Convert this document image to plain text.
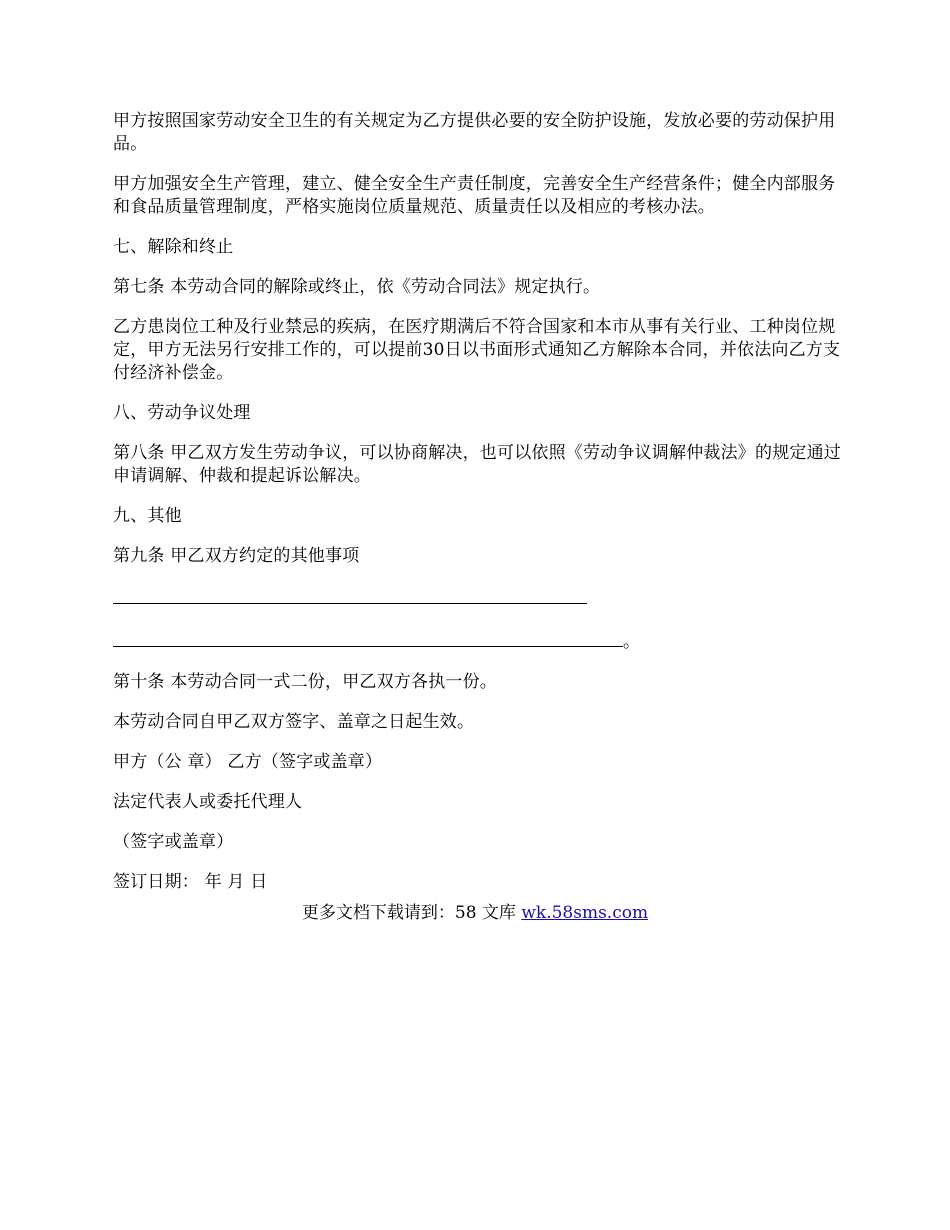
甲方按照国家劳动安全卫生的有关规定为乙方提供必要的安全防护设施，发放必要的劳动保护用品。

甲方加强安全生产管理，建立、健全安全生产责任制度，完善安全生产经营条件；健全内部服务和食品质量管理制度，严格实施岗位质量规范、质量责任以及相应的考核办法。

七、解除和终止

第七条 本劳动合同的解除或终止，依《劳动合同法》规定执行。

乙方患岗位工种及行业禁忌的疾病，在医疗期满后不符合国家和本市从事有关行业、工种岗位规定，甲方无法另行安排工作的，可以提前30日以书面形式通知乙方解除本合同，并依法向乙方支付经济补偿金。

八、劳动争议处理

第八条 甲乙双方发生劳动争议，可以协商解决，也可以依照《劳动争议调解仲裁法》的规定通过申请调解、仲裁和提起诉讼解决。

九、其他

第九条 甲乙双方约定的其他事项

。

第十条 本劳动合同一式二份，甲乙双方各执一份。

本劳动合同自甲乙双方签字、盖章之日起生效。

甲方（公 章） 乙方（签字或盖章）

法定代表人或委托代理人

（签字或盖章）

签订日期： 年 月 日

更多文档下载请到：58 文库 wk.58sms.com
